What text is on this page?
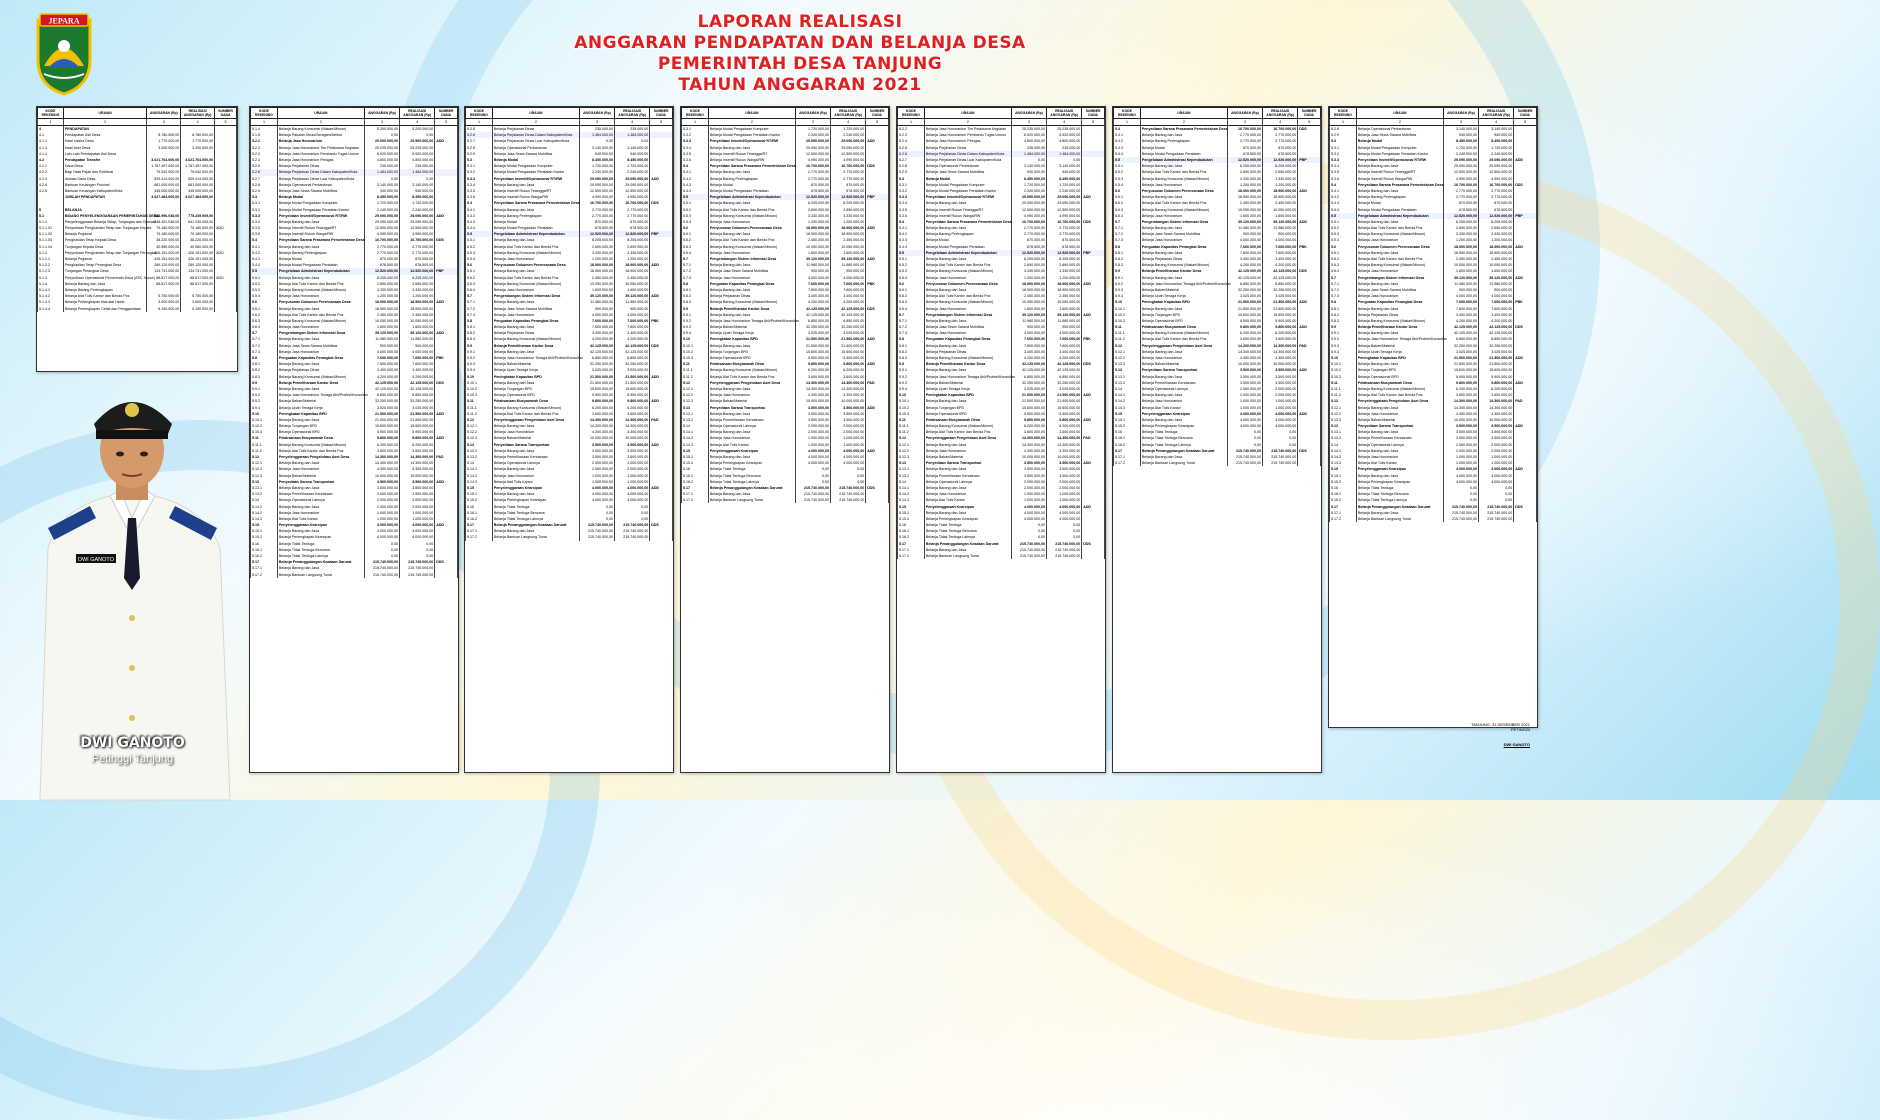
JEPARA	LAPORAN REALISASI
ANGGARAN PENDAPATAN DAN BELANJA DESA
PEMERINTAH DESA TANJUNG
TAHUN ANGGARAN 2021
KODE REKENING	URAIAN	ANGGARAN (Rp)	REALISASI ANGGARAN (Rp)	SUMBER DANA
1	2	3	4	5
4	PENDAPATAN			
4.1	Pendapatan Asli Desa	8.780.000,00	8.780.000,00	
4.1.1	Hasil Usaha Desa	1.770.000,00	1.770.000,00	
4.1.3	Hasil Aset Desa	3.200.000,00	3.200.000,00	
4.1.4	Lain-Lain Pendapatan Asli Desa			
4.2	Pendapatan Transfer	3.621.764.000,00	3.621.764.000,00	
4.2.1	Dana Desa	1.787.497.000,00	1.787.497.000,00	
4.2.2	Bagi Hasil Pajak dan Retribusi	79.042.000,00	79.042.000,00	
4.2.3	Alokasi Dana Desa	529.414.000,00	529.414.000,00	
4.2.4	Bantuan Keuangan Provinsi	881.000.000,00	881.000.000,00	
4.2.5	Bantuan Keuangan Kabupaten/Kota	345.000.000,00	345.000.000,00	
	JUMLAH PENDAPATAN	3.627.484.000,00	3.627.484.000,00	

5	BELANJA			
5.1	BIDANG PENYELENGGARAAN PEMERINTAHAN DESA	888.996.038,00	775.239.009,00	
5.1.1	Penyelenggaraan Belanja Siltap, Tunjangan dan Operasi	848.491.038,00	641.230.000,00	
5.1.1.01	Penyediaan Penghasilan Tetap dan Tunjangan Kepala	79.180.000,00	79.180.000,00	ADD
5.1.1.02	Belanja Pegawai	79.180.000,00	79.180.000,00	
5.1.1.03	Penghasilan Tetap Kepala Desa	38.220.000,00	38.220.000,00	
5.1.1.04	Tunjangan Kepala Desa	40.960.000,00	40.960.000,00	
5.1.2	Penyediaan Penghasilan Tetap dan Tunjangan Perangkat	426.151.000,00	426.151.000,00	ADD
5.1.2.1	Belanja Pegawai	426.151.000,00	426.151.000,00	
5.1.2.2	Penghasilan Tetap Perangkat Desa	289.120.000,00	289.120.000,00	
5.1.2.3	Tunjangan Perangkat Desa	134.731.000,00	134.731.000,00	
5.1.3	Penyediaan Operasional Pemerintah Desa (ATK, Honor)	88.817.000,00	88.817.000,00	ADD
5.1.4	Belanja Barang dan Jasa	88.817.000,00	88.817.000,00	
5.1.4.1	Belanja Barang Perlengkapan			
5.1.4.2	Belanja Alat Tulis Kantor dan Benda Pos	5.750.000,00	5.750.000,00	
5.1.4.3	Belanja Perlengkapan Alat-alat Listrik	3.000.000,00	3.000.000,00	
5.1.4.4	Belanja Perlengkapan Cetak dan Penggandaan	5.190.000,00	5.190.000,00	
KODE REKENING	URAIAN	ANGGARAN (Rp)	REALISASI ANGGARAN (Rp)	SUMBER DANA
1	2	3	4	5
5.1.4	Belanja Barang Konsumsi (Makan/Minum)	5.200.000,00	5.200.000,00	
5.1.5	Belanja Pakaian Dinas/Seragam/Atribut	0,00	0,00	
5.2.1	Belanja Jasa Honorarium	20.900.000,00	20.900.000,00	ADD
5.2.2	Belanja Jasa Honorarium Tim Pelaksana Kegiatan	25.235.000,00	25.235.000,00	
5.2.3	Belanja Jasa Honorarium Pembantu Tugas Umum	6.920.000,00	6.920.000,00	
5.2.4	Belanja Jasa Honorarium Petugas	4.800.000,00	4.800.000,00	
5.2.5	Belanja Perjalanan Dinas	235.000,00	235.000,00	
5.2.6	Belanja Perjalanan Dinas Dalam Kabupaten/Kota	1.484.000,00	1.484.000,00	
5.2.7	Belanja Perjalanan Dinas Luar Kabupaten/Kota	0,00	0,00	
5.2.8	Belanja Operasional Perkantoran	3.140.000,00	3.140.000,00	
5.2.9	Belanja Jasa Sewa Sarana Mobilitas	940.000,00	940.000,00	
5.3	Belanja Modal	8.450.000,00	8.450.000,00	
5.3.1	Belanja Modal Pengadaan Komputer	1.720.000,00	1.720.000,00	
5.3.2	Belanja Modal Pengadaan Peralatan Kantor	2.240.000,00	2.240.000,00	
5.3.3	Penyediaan Insentif/Operasional RT/RW	29.090.000,00	29.090.000,00	ADD
5.3.4	Belanja Barang dan Jasa	29.090.000,00	29.090.000,00	
5.3.5	Belanja Insentif Rukun Tetangga/RT	12.500.000,00	12.500.000,00	
5.3.6	Belanja Insentif Rukun Warga/RW	4.990.000,00	4.990.000,00	
5.4	Penyediaan Sarana Prasarana Pemerintahan Desa	16.700.000,00	16.700.000,00	DDS
5.4.1	Belanja Barang dan Jasa	2.770.000,00	2.770.000,00	
5.4.2	Belanja Barang Perlengkapan	2.770.000,00	2.770.000,00	
5.4.3	Belanja Modal	870.000,00	870.000,00	
5.4.4	Belanja Modal Pengadaan Peralatan	678.500,00	678.500,00	
5.5	Pengelolaan Administrasi Kependudukan	12.520.000,00	12.520.000,00	PBP
5.5.1	Belanja Barang dan Jasa	8.205.000,00	8.205.000,00	
5.5.2	Belanja Alat Tulis Kantor dan Benda Pos	2.690.000,00	2.690.000,00	
5.5.3	Belanja Barang Konsumsi (Makan/Minum)	3.330.000,00	3.330.000,00	
5.5.4	Belanja Jasa Honorarium	1.200.000,00	1.200.000,00	
5.6	Penyusunan Dokumen Perencanaan Desa	18.900.000,00	18.900.000,00	ADD
5.6.1	Belanja Barang dan Jasa	18.900.000,00	18.900.000,00	
5.6.2	Belanja Alat Tulis Kantor dan Benda Pos	2.450.000,00	2.450.000,00	
5.6.3	Belanja Barang Konsumsi (Makan/Minum)	10.050.000,00	10.050.000,00	
5.6.4	Belanja Jasa Honorarium	1.600.000,00	1.600.000,00	
5.7	Pengembangan Sistem Informasi Desa	39.120.000,00	39.120.000,00	ADD
5.7.1	Belanja Barang dan Jasa	11.980.000,00	11.980.000,00	
5.7.2	Belanja Jasa Sewa Sarana Mobilitas	900.000,00	900.000,00	
5.7.3	Belanja Jasa Honorarium	4.000.000,00	4.000.000,00	
5.8	Penguatan Kapasitas Perangkat Desa	7.600.000,00	7.600.000,00	PBK
5.8.1	Belanja Barang dan Jasa	7.600.000,00	7.600.000,00	
5.8.2	Belanja Perjalanan Dinas	3.400.000,00	3.400.000,00	
5.8.3	Belanja Barang Konsumsi (Makan/Minum)	4.200.000,00	4.200.000,00	
5.9	Belanja Pemeliharaan Kantor Desa	42.125.000,00	42.125.000,00	DDS
5.9.1	Belanja Barang dan Jasa	42.125.000,00	42.125.000,00	
5.9.2	Belanja Jasa Honorarium Tenaga Ahli/Profesi/Konsultan	6.850.000,00	6.850.000,00	
5.9.3	Belanja Bahan/Material	32.250.000,00	32.250.000,00	
5.9.4	Belanja Upah Tenaga Kerja	3.025.000,00	3.025.000,00	
5.10	Peningkatan Kapasitas BPD	21.500.000,00	21.500.000,00	ADD
5.10.1	Belanja Barang dan Jasa	21.500.000,00	21.500.000,00	
5.10.2	Belanja Tunjangan BPD	15.600.000,00	15.600.000,00	
5.10.3	Belanja Operasional BPD	5.900.000,00	5.900.000,00	
5.11	Pelaksanaan Musyawarah Desa	9.800.000,00	9.800.000,00	ADD
5.11.1	Belanja Barang Konsumsi (Makan/Minum)	6.200.000,00	6.200.000,00	
5.11.2	Belanja Alat Tulis Kantor dan Benda Pos	3.600.000,00	3.600.000,00	
5.12	Penyelenggaraan Pengelolaan Aset Desa	14.300.000,00	14.300.000,00	PAD
5.12.1	Belanja Barang dan Jasa	14.300.000,00	14.300.000,00	
5.12.2	Belanja Jasa Honorarium	4.300.000,00	4.300.000,00	
5.12.3	Belanja Bahan/Material	10.000.000,00	10.000.000,00	
5.13	Penyediaan Sarana Transportasi	3.500.000,00	3.500.000,00	ADD
5.13.1	Belanja Barang dan Jasa	3.500.000,00	3.500.000,00	
5.13.2	Belanja Pemeliharaan Kendaraan	3.500.000,00	3.500.000,00	
5.14	Belanja Operasional Lainnya	2.000.000,00	2.000.000,00	
5.14.1	Belanja Barang dan Jasa	2.000.000,00	2.000.000,00	
5.14.2	Belanja Jasa Honorarium	1.000.000,00	1.000.000,00	
5.14.3	Belanja Alat Tulis Kantor	1.000.000,00	1.000.000,00	
5.15	Penyelenggaraan Kearsipan	4.000.000,00	4.000.000,00	ADD
5.15.1	Belanja Barang dan Jasa	4.000.000,00	4.000.000,00	
5.15.2	Belanja Perlengkapan Kearsipan	4.000.000,00	4.000.000,00	
5.16	Belanja Tidak Terduga	0,00	0,00	
5.16.1	Belanja Tidak Terduga Bencana	0,00	0,00	
5.16.2	Belanja Tidak Terduga Lainnya	0,00	0,00	
5.17	Belanja Penanggulangan Keadaan Darurat	215.740.000,00	215.740.000,00	DDS
5.17.1	Belanja Barang dan Jasa	215.740.000,00	215.740.000,00	
5.17.2	Belanja Bantuan Langsung Tunai	215.740.000,00	215.740.000,00	
KODE REKENING	URAIAN	ANGGARAN (Rp)	REALISASI ANGGARAN (Rp)	SUMBER DANA
1	2	3	4	5
5.2.5	Belanja Perjalanan Dinas	235.000,00	235.000,00	
5.2.6	Belanja Perjalanan Dinas Dalam Kabupaten/Kota	1.484.000,00	1.484.000,00	
5.2.7	Belanja Perjalanan Dinas Luar Kabupaten/Kota	0,00	0,00	
5.2.8	Belanja Operasional Perkantoran	3.140.000,00	3.140.000,00	
5.2.9	Belanja Jasa Sewa Sarana Mobilitas	940.000,00	940.000,00	
5.3	Belanja Modal	8.450.000,00	8.450.000,00	
5.3.1	Belanja Modal Pengadaan Komputer	1.720.000,00	1.720.000,00	
5.3.2	Belanja Modal Pengadaan Peralatan Kantor	2.240.000,00	2.240.000,00	
5.3.3	Penyediaan Insentif/Operasional RT/RW	29.090.000,00	29.090.000,00	ADD
5.3.4	Belanja Barang dan Jasa	29.090.000,00	29.090.000,00	
5.3.5	Belanja Insentif Rukun Tetangga/RT	12.500.000,00	12.500.000,00	
5.3.6	Belanja Insentif Rukun Warga/RW	4.990.000,00	4.990.000,00	
5.4	Penyediaan Sarana Prasarana Pemerintahan Desa	16.700.000,00	16.700.000,00	DDS
5.4.1	Belanja Barang dan Jasa	2.770.000,00	2.770.000,00	
5.4.2	Belanja Barang Perlengkapan	2.770.000,00	2.770.000,00	
5.4.3	Belanja Modal	870.000,00	870.000,00	
5.4.4	Belanja Modal Pengadaan Peralatan	678.500,00	678.500,00	
5.5	Pengelolaan Administrasi Kependudukan	12.520.000,00	12.520.000,00	PBP
5.5.1	Belanja Barang dan Jasa	8.205.000,00	8.205.000,00	
5.5.2	Belanja Alat Tulis Kantor dan Benda Pos	2.690.000,00	2.690.000,00	
5.5.3	Belanja Barang Konsumsi (Makan/Minum)	3.330.000,00	3.330.000,00	
5.5.4	Belanja Jasa Honorarium	1.200.000,00	1.200.000,00	
5.6	Penyusunan Dokumen Perencanaan Desa	18.900.000,00	18.900.000,00	ADD
5.6.1	Belanja Barang dan Jasa	18.900.000,00	18.900.000,00	
5.6.2	Belanja Alat Tulis Kantor dan Benda Pos	2.450.000,00	2.450.000,00	
5.6.3	Belanja Barang Konsumsi (Makan/Minum)	10.050.000,00	10.050.000,00	
5.6.4	Belanja Jasa Honorarium	1.600.000,00	1.600.000,00	
5.7	Pengembangan Sistem Informasi Desa	39.120.000,00	39.120.000,00	ADD
5.7.1	Belanja Barang dan Jasa	11.980.000,00	11.980.000,00	
5.7.2	Belanja Jasa Sewa Sarana Mobilitas	900.000,00	900.000,00	
5.7.3	Belanja Jasa Honorarium	4.000.000,00	4.000.000,00	
5.8	Penguatan Kapasitas Perangkat Desa	7.600.000,00	7.600.000,00	PBK
5.8.1	Belanja Barang dan Jasa	7.600.000,00	7.600.000,00	
5.8.2	Belanja Perjalanan Dinas	3.400.000,00	3.400.000,00	
5.8.3	Belanja Barang Konsumsi (Makan/Minum)	4.200.000,00	4.200.000,00	
5.9	Belanja Pemeliharaan Kantor Desa	42.125.000,00	42.125.000,00	DDS
5.9.1	Belanja Barang dan Jasa	42.125.000,00	42.125.000,00	
5.9.2	Belanja Jasa Honorarium Tenaga Ahli/Profesi/Konsultan	6.850.000,00	6.850.000,00	
5.9.3	Belanja Bahan/Material	32.250.000,00	32.250.000,00	
5.9.4	Belanja Upah Tenaga Kerja	3.025.000,00	3.025.000,00	
5.10	Peningkatan Kapasitas BPD	21.500.000,00	21.500.000,00	ADD
5.10.1	Belanja Barang dan Jasa	21.500.000,00	21.500.000,00	
5.10.2	Belanja Tunjangan BPD	15.600.000,00	15.600.000,00	
5.10.3	Belanja Operasional BPD	5.900.000,00	5.900.000,00	
5.11	Pelaksanaan Musyawarah Desa	9.800.000,00	9.800.000,00	ADD
5.11.1	Belanja Barang Konsumsi (Makan/Minum)	6.200.000,00	6.200.000,00	
5.11.2	Belanja Alat Tulis Kantor dan Benda Pos	3.600.000,00	3.600.000,00	
5.12	Penyelenggaraan Pengelolaan Aset Desa	14.300.000,00	14.300.000,00	PAD
5.12.1	Belanja Barang dan Jasa	14.300.000,00	14.300.000,00	
5.12.2	Belanja Jasa Honorarium	4.300.000,00	4.300.000,00	
5.12.3	Belanja Bahan/Material	10.000.000,00	10.000.000,00	
5.13	Penyediaan Sarana Transportasi	3.500.000,00	3.500.000,00	ADD
5.13.1	Belanja Barang dan Jasa	3.500.000,00	3.500.000,00	
5.13.2	Belanja Pemeliharaan Kendaraan	3.500.000,00	3.500.000,00	
5.14	Belanja Operasional Lainnya	2.000.000,00	2.000.000,00	
5.14.1	Belanja Barang dan Jasa	2.000.000,00	2.000.000,00	
5.14.2	Belanja Jasa Honorarium	1.000.000,00	1.000.000,00	
5.14.3	Belanja Alat Tulis Kantor	1.000.000,00	1.000.000,00	
5.15	Penyelenggaraan Kearsipan	4.000.000,00	4.000.000,00	ADD
5.15.1	Belanja Barang dan Jasa	4.000.000,00	4.000.000,00	
5.15.2	Belanja Perlengkapan Kearsipan	4.000.000,00	4.000.000,00	
5.16	Belanja Tidak Terduga	0,00	0,00	
5.16.1	Belanja Tidak Terduga Bencana	0,00	0,00	
5.16.2	Belanja Tidak Terduga Lainnya	0,00	0,00	
5.17	Belanja Penanggulangan Keadaan Darurat	215.740.000,00	215.740.000,00	DDS
5.17.1	Belanja Barang dan Jasa	215.740.000,00	215.740.000,00	
5.17.2	Belanja Bantuan Langsung Tunai	215.740.000,00	215.740.000,00	
KODE REKENING	URAIAN	ANGGARAN (Rp)	REALISASI ANGGARAN (Rp)	SUMBER DANA
1	2	3	4	5
5.3.1	Belanja Modal Pengadaan Komputer	1.720.000,00	1.720.000,00	
5.3.2	Belanja Modal Pengadaan Peralatan Kantor	2.240.000,00	2.240.000,00	
5.3.3	Penyediaan Insentif/Operasional RT/RW	29.090.000,00	29.090.000,00	ADD
5.3.4	Belanja Barang dan Jasa	29.090.000,00	29.090.000,00	
5.3.5	Belanja Insentif Rukun Tetangga/RT	12.500.000,00	12.500.000,00	
5.3.6	Belanja Insentif Rukun Warga/RW	4.990.000,00	4.990.000,00	
5.4	Penyediaan Sarana Prasarana Pemerintahan Desa	16.700.000,00	16.700.000,00	DDS
5.4.1	Belanja Barang dan Jasa	2.770.000,00	2.770.000,00	
5.4.2	Belanja Barang Perlengkapan	2.770.000,00	2.770.000,00	
5.4.3	Belanja Modal	870.000,00	870.000,00	
5.4.4	Belanja Modal Pengadaan Peralatan	678.500,00	678.500,00	
5.5	Pengelolaan Administrasi Kependudukan	12.520.000,00	12.520.000,00	PBP
5.5.1	Belanja Barang dan Jasa	8.205.000,00	8.205.000,00	
5.5.2	Belanja Alat Tulis Kantor dan Benda Pos	2.690.000,00	2.690.000,00	
5.5.3	Belanja Barang Konsumsi (Makan/Minum)	3.330.000,00	3.330.000,00	
5.5.4	Belanja Jasa Honorarium	1.200.000,00	1.200.000,00	
5.6	Penyusunan Dokumen Perencanaan Desa	18.900.000,00	18.900.000,00	ADD
5.6.1	Belanja Barang dan Jasa	18.900.000,00	18.900.000,00	
5.6.2	Belanja Alat Tulis Kantor dan Benda Pos	2.450.000,00	2.450.000,00	
5.6.3	Belanja Barang Konsumsi (Makan/Minum)	10.050.000,00	10.050.000,00	
5.6.4	Belanja Jasa Honorarium	1.600.000,00	1.600.000,00	
5.7	Pengembangan Sistem Informasi Desa	39.120.000,00	39.120.000,00	ADD
5.7.1	Belanja Barang dan Jasa	11.980.000,00	11.980.000,00	
5.7.2	Belanja Jasa Sewa Sarana Mobilitas	900.000,00	900.000,00	
5.7.3	Belanja Jasa Honorarium	4.000.000,00	4.000.000,00	
5.8	Penguatan Kapasitas Perangkat Desa	7.600.000,00	7.600.000,00	PBK
5.8.1	Belanja Barang dan Jasa	7.600.000,00	7.600.000,00	
5.8.2	Belanja Perjalanan Dinas	3.400.000,00	3.400.000,00	
5.8.3	Belanja Barang Konsumsi (Makan/Minum)	4.200.000,00	4.200.000,00	
5.9	Belanja Pemeliharaan Kantor Desa	42.125.000,00	42.125.000,00	DDS
5.9.1	Belanja Barang dan Jasa	42.125.000,00	42.125.000,00	
5.9.2	Belanja Jasa Honorarium Tenaga Ahli/Profesi/Konsultan	6.850.000,00	6.850.000,00	
5.9.3	Belanja Bahan/Material	32.250.000,00	32.250.000,00	
5.9.4	Belanja Upah Tenaga Kerja	3.025.000,00	3.025.000,00	
5.10	Peningkatan Kapasitas BPD	21.500.000,00	21.500.000,00	ADD
5.10.1	Belanja Barang dan Jasa	21.500.000,00	21.500.000,00	
5.10.2	Belanja Tunjangan BPD	15.600.000,00	15.600.000,00	
5.10.3	Belanja Operasional BPD	5.900.000,00	5.900.000,00	
5.11	Pelaksanaan Musyawarah Desa	9.800.000,00	9.800.000,00	ADD
5.11.1	Belanja Barang Konsumsi (Makan/Minum)	6.200.000,00	6.200.000,00	
5.11.2	Belanja Alat Tulis Kantor dan Benda Pos	3.600.000,00	3.600.000,00	
5.12	Penyelenggaraan Pengelolaan Aset Desa	14.300.000,00	14.300.000,00	PAD
5.12.1	Belanja Barang dan Jasa	14.300.000,00	14.300.000,00	
5.12.2	Belanja Jasa Honorarium	4.300.000,00	4.300.000,00	
5.12.3	Belanja Bahan/Material	10.000.000,00	10.000.000,00	
5.13	Penyediaan Sarana Transportasi	3.500.000,00	3.500.000,00	ADD
5.13.1	Belanja Barang dan Jasa	3.500.000,00	3.500.000,00	
5.13.2	Belanja Pemeliharaan Kendaraan	3.500.000,00	3.500.000,00	
5.14	Belanja Operasional Lainnya	2.000.000,00	2.000.000,00	
5.14.1	Belanja Barang dan Jasa	2.000.000,00	2.000.000,00	
5.14.2	Belanja Jasa Honorarium	1.000.000,00	1.000.000,00	
5.14.3	Belanja Alat Tulis Kantor	1.000.000,00	1.000.000,00	
5.15	Penyelenggaraan Kearsipan	4.000.000,00	4.000.000,00	ADD
5.15.1	Belanja Barang dan Jasa	4.000.000,00	4.000.000,00	
5.15.2	Belanja Perlengkapan Kearsipan	4.000.000,00	4.000.000,00	
5.16	Belanja Tidak Terduga	0,00	0,00	
5.16.1	Belanja Tidak Terduga Bencana	0,00	0,00	
5.16.2	Belanja Tidak Terduga Lainnya	0,00	0,00	
5.17	Belanja Penanggulangan Keadaan Darurat	215.740.000,00	215.740.000,00	DDS
5.17.1	Belanja Barang dan Jasa	215.740.000,00	215.740.000,00	
5.17.2	Belanja Bantuan Langsung Tunai	215.740.000,00	215.740.000,00	
KODE REKENING	URAIAN	ANGGARAN (Rp)	REALISASI ANGGARAN (Rp)	SUMBER DANA
1	2	3	4	5
5.2.2	Belanja Jasa Honorarium Tim Pelaksana Kegiatan	25.235.000,00	25.235.000,00	
5.2.3	Belanja Jasa Honorarium Pembantu Tugas Umum	6.920.000,00	6.920.000,00	
5.2.4	Belanja Jasa Honorarium Petugas	4.800.000,00	4.800.000,00	
5.2.5	Belanja Perjalanan Dinas	235.000,00	235.000,00	
5.2.6	Belanja Perjalanan Dinas Dalam Kabupaten/Kota	1.484.000,00	1.484.000,00	
5.2.7	Belanja Perjalanan Dinas Luar Kabupaten/Kota	0,00	0,00	
5.2.8	Belanja Operasional Perkantoran	3.140.000,00	3.140.000,00	
5.2.9	Belanja Jasa Sewa Sarana Mobilitas	940.000,00	940.000,00	
5.3	Belanja Modal	8.450.000,00	8.450.000,00	
5.3.1	Belanja Modal Pengadaan Komputer	1.720.000,00	1.720.000,00	
5.3.2	Belanja Modal Pengadaan Peralatan Kantor	2.240.000,00	2.240.000,00	
5.3.3	Penyediaan Insentif/Operasional RT/RW	29.090.000,00	29.090.000,00	ADD
5.3.4	Belanja Barang dan Jasa	29.090.000,00	29.090.000,00	
5.3.5	Belanja Insentif Rukun Tetangga/RT	12.500.000,00	12.500.000,00	
5.3.6	Belanja Insentif Rukun Warga/RW	4.990.000,00	4.990.000,00	
5.4	Penyediaan Sarana Prasarana Pemerintahan Desa	16.700.000,00	16.700.000,00	DDS
5.4.1	Belanja Barang dan Jasa	2.770.000,00	2.770.000,00	
5.4.2	Belanja Barang Perlengkapan	2.770.000,00	2.770.000,00	
5.4.3	Belanja Modal	870.000,00	870.000,00	
5.4.4	Belanja Modal Pengadaan Peralatan	678.500,00	678.500,00	
5.5	Pengelolaan Administrasi Kependudukan	12.520.000,00	12.520.000,00	PBP
5.5.1	Belanja Barang dan Jasa	8.205.000,00	8.205.000,00	
5.5.2	Belanja Alat Tulis Kantor dan Benda Pos	2.690.000,00	2.690.000,00	
5.5.3	Belanja Barang Konsumsi (Makan/Minum)	3.330.000,00	3.330.000,00	
5.5.4	Belanja Jasa Honorarium	1.200.000,00	1.200.000,00	
5.6	Penyusunan Dokumen Perencanaan Desa	18.900.000,00	18.900.000,00	ADD
5.6.1	Belanja Barang dan Jasa	18.900.000,00	18.900.000,00	
5.6.2	Belanja Alat Tulis Kantor dan Benda Pos	2.450.000,00	2.450.000,00	
5.6.3	Belanja Barang Konsumsi (Makan/Minum)	10.050.000,00	10.050.000,00	
5.6.4	Belanja Jasa Honorarium	1.600.000,00	1.600.000,00	
5.7	Pengembangan Sistem Informasi Desa	39.120.000,00	39.120.000,00	ADD
5.7.1	Belanja Barang dan Jasa	11.980.000,00	11.980.000,00	
5.7.2	Belanja Jasa Sewa Sarana Mobilitas	900.000,00	900.000,00	
5.7.3	Belanja Jasa Honorarium	4.000.000,00	4.000.000,00	
5.8	Penguatan Kapasitas Perangkat Desa	7.600.000,00	7.600.000,00	PBK
5.8.1	Belanja Barang dan Jasa	7.600.000,00	7.600.000,00	
5.8.2	Belanja Perjalanan Dinas	3.400.000,00	3.400.000,00	
5.8.3	Belanja Barang Konsumsi (Makan/Minum)	4.200.000,00	4.200.000,00	
5.9	Belanja Pemeliharaan Kantor Desa	42.125.000,00	42.125.000,00	DDS
5.9.1	Belanja Barang dan Jasa	42.125.000,00	42.125.000,00	
5.9.2	Belanja Jasa Honorarium Tenaga Ahli/Profesi/Konsultan	6.850.000,00	6.850.000,00	
5.9.3	Belanja Bahan/Material	32.250.000,00	32.250.000,00	
5.9.4	Belanja Upah Tenaga Kerja	3.025.000,00	3.025.000,00	
5.10	Peningkatan Kapasitas BPD	21.500.000,00	21.500.000,00	ADD
5.10.1	Belanja Barang dan Jasa	21.500.000,00	21.500.000,00	
5.10.2	Belanja Tunjangan BPD	15.600.000,00	15.600.000,00	
5.10.3	Belanja Operasional BPD	5.900.000,00	5.900.000,00	
5.11	Pelaksanaan Musyawarah Desa	9.800.000,00	9.800.000,00	ADD
5.11.1	Belanja Barang Konsumsi (Makan/Minum)	6.200.000,00	6.200.000,00	
5.11.2	Belanja Alat Tulis Kantor dan Benda Pos	3.600.000,00	3.600.000,00	
5.12	Penyelenggaraan Pengelolaan Aset Desa	14.300.000,00	14.300.000,00	PAD
5.12.1	Belanja Barang dan Jasa	14.300.000,00	14.300.000,00	
5.12.2	Belanja Jasa Honorarium	4.300.000,00	4.300.000,00	
5.12.3	Belanja Bahan/Material	10.000.000,00	10.000.000,00	
5.13	Penyediaan Sarana Transportasi	3.500.000,00	3.500.000,00	ADD
5.13.1	Belanja Barang dan Jasa	3.500.000,00	3.500.000,00	
5.13.2	Belanja Pemeliharaan Kendaraan	3.500.000,00	3.500.000,00	
5.14	Belanja Operasional Lainnya	2.000.000,00	2.000.000,00	
5.14.1	Belanja Barang dan Jasa	2.000.000,00	2.000.000,00	
5.14.2	Belanja Jasa Honorarium	1.000.000,00	1.000.000,00	
5.14.3	Belanja Alat Tulis Kantor	1.000.000,00	1.000.000,00	
5.15	Penyelenggaraan Kearsipan	4.000.000,00	4.000.000,00	ADD
5.15.1	Belanja Barang dan Jasa	4.000.000,00	4.000.000,00	
5.15.2	Belanja Perlengkapan Kearsipan	4.000.000,00	4.000.000,00	
5.16	Belanja Tidak Terduga	0,00	0,00	
5.16.1	Belanja Tidak Terduga Bencana	0,00	0,00	
5.16.2	Belanja Tidak Terduga Lainnya	0,00	0,00	
5.17	Belanja Penanggulangan Keadaan Darurat	215.740.000,00	215.740.000,00	DDS
5.17.1	Belanja Barang dan Jasa	215.740.000,00	215.740.000,00	
5.17.2	Belanja Bantuan Langsung Tunai	215.740.000,00	215.740.000,00	
KODE REKENING	URAIAN	ANGGARAN (Rp)	REALISASI ANGGARAN (Rp)	SUMBER DANA
1	2	3	4	5
5.4	Penyediaan Sarana Prasarana Pemerintahan Desa	16.700.000,00	16.700.000,00	DDS
5.4.1	Belanja Barang dan Jasa	2.770.000,00	2.770.000,00	
5.4.2	Belanja Barang Perlengkapan	2.770.000,00	2.770.000,00	
5.4.3	Belanja Modal	870.000,00	870.000,00	
5.4.4	Belanja Modal Pengadaan Peralatan	678.500,00	678.500,00	
5.5	Pengelolaan Administrasi Kependudukan	12.520.000,00	12.520.000,00	PBP
5.5.1	Belanja Barang dan Jasa	8.205.000,00	8.205.000,00	
5.5.2	Belanja Alat Tulis Kantor dan Benda Pos	2.690.000,00	2.690.000,00	
5.5.3	Belanja Barang Konsumsi (Makan/Minum)	3.330.000,00	3.330.000,00	
5.5.4	Belanja Jasa Honorarium	1.200.000,00	1.200.000,00	
5.6	Penyusunan Dokumen Perencanaan Desa	18.900.000,00	18.900.000,00	ADD
5.6.1	Belanja Barang dan Jasa	18.900.000,00	18.900.000,00	
5.6.2	Belanja Alat Tulis Kantor dan Benda Pos	2.450.000,00	2.450.000,00	
5.6.3	Belanja Barang Konsumsi (Makan/Minum)	10.050.000,00	10.050.000,00	
5.6.4	Belanja Jasa Honorarium	1.600.000,00	1.600.000,00	
5.7	Pengembangan Sistem Informasi Desa	39.120.000,00	39.120.000,00	ADD
5.7.1	Belanja Barang dan Jasa	11.980.000,00	11.980.000,00	
5.7.2	Belanja Jasa Sewa Sarana Mobilitas	900.000,00	900.000,00	
5.7.3	Belanja Jasa Honorarium	4.000.000,00	4.000.000,00	
5.8	Penguatan Kapasitas Perangkat Desa	7.600.000,00	7.600.000,00	PBK
5.8.1	Belanja Barang dan Jasa	7.600.000,00	7.600.000,00	
5.8.2	Belanja Perjalanan Dinas	3.400.000,00	3.400.000,00	
5.8.3	Belanja Barang Konsumsi (Makan/Minum)	4.200.000,00	4.200.000,00	
5.9	Belanja Pemeliharaan Kantor Desa	42.125.000,00	42.125.000,00	DDS
5.9.1	Belanja Barang dan Jasa	42.125.000,00	42.125.000,00	
5.9.2	Belanja Jasa Honorarium Tenaga Ahli/Profesi/Konsultan	6.850.000,00	6.850.000,00	
5.9.3	Belanja Bahan/Material	32.250.000,00	32.250.000,00	
5.9.4	Belanja Upah Tenaga Kerja	3.025.000,00	3.025.000,00	
5.10	Peningkatan Kapasitas BPD	21.500.000,00	21.500.000,00	ADD
5.10.1	Belanja Barang dan Jasa	21.500.000,00	21.500.000,00	
5.10.2	Belanja Tunjangan BPD	15.600.000,00	15.600.000,00	
5.10.3	Belanja Operasional BPD	5.900.000,00	5.900.000,00	
5.11	Pelaksanaan Musyawarah Desa	9.800.000,00	9.800.000,00	ADD
5.11.1	Belanja Barang Konsumsi (Makan/Minum)	6.200.000,00	6.200.000,00	
5.11.2	Belanja Alat Tulis Kantor dan Benda Pos	3.600.000,00	3.600.000,00	
5.12	Penyelenggaraan Pengelolaan Aset Desa	14.300.000,00	14.300.000,00	PAD
5.12.1	Belanja Barang dan Jasa	14.300.000,00	14.300.000,00	
5.12.2	Belanja Jasa Honorarium	4.300.000,00	4.300.000,00	
5.12.3	Belanja Bahan/Material	10.000.000,00	10.000.000,00	
5.13	Penyediaan Sarana Transportasi	3.500.000,00	3.500.000,00	ADD
5.13.1	Belanja Barang dan Jasa	3.500.000,00	3.500.000,00	
5.13.2	Belanja Pemeliharaan Kendaraan	3.500.000,00	3.500.000,00	
5.14	Belanja Operasional Lainnya	2.000.000,00	2.000.000,00	
5.14.1	Belanja Barang dan Jasa	2.000.000,00	2.000.000,00	
5.14.2	Belanja Jasa Honorarium	1.000.000,00	1.000.000,00	
5.14.3	Belanja Alat Tulis Kantor	1.000.000,00	1.000.000,00	
5.15	Penyelenggaraan Kearsipan	4.000.000,00	4.000.000,00	ADD
5.15.1	Belanja Barang dan Jasa	4.000.000,00	4.000.000,00	
5.15.2	Belanja Perlengkapan Kearsipan	4.000.000,00	4.000.000,00	
5.16	Belanja Tidak Terduga	0,00	0,00	
5.16.1	Belanja Tidak Terduga Bencana	0,00	0,00	
5.16.2	Belanja Tidak Terduga Lainnya	0,00	0,00	
5.17	Belanja Penanggulangan Keadaan Darurat	215.740.000,00	215.740.000,00	DDS
5.17.1	Belanja Barang dan Jasa	215.740.000,00	215.740.000,00	
5.17.2	Belanja Bantuan Langsung Tunai	215.740.000,00	215.740.000,00	
KODE REKENING	URAIAN	ANGGARAN (Rp)	REALISASI ANGGARAN (Rp)	SUMBER DANA
1	2	3	4	5
5.2.8	Belanja Operasional Perkantoran	3.140.000,00	3.140.000,00	
5.2.9	Belanja Jasa Sewa Sarana Mobilitas	940.000,00	940.000,00	
5.3	Belanja Modal	8.450.000,00	8.450.000,00	
5.3.1	Belanja Modal Pengadaan Komputer	1.720.000,00	1.720.000,00	
5.3.2	Belanja Modal Pengadaan Peralatan Kantor	2.240.000,00	2.240.000,00	
5.3.3	Penyediaan Insentif/Operasional RT/RW	29.090.000,00	29.090.000,00	ADD
5.3.4	Belanja Barang dan Jasa	29.090.000,00	29.090.000,00	
5.3.5	Belanja Insentif Rukun Tetangga/RT	12.500.000,00	12.500.000,00	
5.3.6	Belanja Insentif Rukun Warga/RW	4.990.000,00	4.990.000,00	
5.4	Penyediaan Sarana Prasarana Pemerintahan Desa	16.700.000,00	16.700.000,00	DDS
5.4.1	Belanja Barang dan Jasa	2.770.000,00	2.770.000,00	
5.4.2	Belanja Barang Perlengkapan	2.770.000,00	2.770.000,00	
5.4.3	Belanja Modal	870.000,00	870.000,00	
5.4.4	Belanja Modal Pengadaan Peralatan	678.500,00	678.500,00	
5.5	Pengelolaan Administrasi Kependudukan	12.520.000,00	12.520.000,00	PBP
5.5.1	Belanja Barang dan Jasa	8.205.000,00	8.205.000,00	
5.5.2	Belanja Alat Tulis Kantor dan Benda Pos	2.690.000,00	2.690.000,00	
5.5.3	Belanja Barang Konsumsi (Makan/Minum)	3.330.000,00	3.330.000,00	
5.5.4	Belanja Jasa Honorarium	1.200.000,00	1.200.000,00	
5.6	Penyusunan Dokumen Perencanaan Desa	18.900.000,00	18.900.000,00	ADD
5.6.1	Belanja Barang dan Jasa	18.900.000,00	18.900.000,00	
5.6.2	Belanja Alat Tulis Kantor dan Benda Pos	2.450.000,00	2.450.000,00	
5.6.3	Belanja Barang Konsumsi (Makan/Minum)	10.050.000,00	10.050.000,00	
5.6.4	Belanja Jasa Honorarium	1.600.000,00	1.600.000,00	
5.7	Pengembangan Sistem Informasi Desa	39.120.000,00	39.120.000,00	ADD
5.7.1	Belanja Barang dan Jasa	11.980.000,00	11.980.000,00	
5.7.2	Belanja Jasa Sewa Sarana Mobilitas	900.000,00	900.000,00	
5.7.3	Belanja Jasa Honorarium	4.000.000,00	4.000.000,00	
5.8	Penguatan Kapasitas Perangkat Desa	7.600.000,00	7.600.000,00	PBK
5.8.1	Belanja Barang dan Jasa	7.600.000,00	7.600.000,00	
5.8.2	Belanja Perjalanan Dinas	3.400.000,00	3.400.000,00	
5.8.3	Belanja Barang Konsumsi (Makan/Minum)	4.200.000,00	4.200.000,00	
5.9	Belanja Pemeliharaan Kantor Desa	42.125.000,00	42.125.000,00	DDS
5.9.1	Belanja Barang dan Jasa	42.125.000,00	42.125.000,00	
5.9.2	Belanja Jasa Honorarium Tenaga Ahli/Profesi/Konsultan	6.850.000,00	6.850.000,00	
5.9.3	Belanja Bahan/Material	32.250.000,00	32.250.000,00	
5.9.4	Belanja Upah Tenaga Kerja	3.025.000,00	3.025.000,00	
5.10	Peningkatan Kapasitas BPD	21.500.000,00	21.500.000,00	ADD
5.10.1	Belanja Barang dan Jasa	21.500.000,00	21.500.000,00	
5.10.2	Belanja Tunjangan BPD	15.600.000,00	15.600.000,00	
5.10.3	Belanja Operasional BPD	5.900.000,00	5.900.000,00	
5.11	Pelaksanaan Musyawarah Desa	9.800.000,00	9.800.000,00	ADD
5.11.1	Belanja Barang Konsumsi (Makan/Minum)	6.200.000,00	6.200.000,00	
5.11.2	Belanja Alat Tulis Kantor dan Benda Pos	3.600.000,00	3.600.000,00	
5.12	Penyelenggaraan Pengelolaan Aset Desa	14.300.000,00	14.300.000,00	PAD
5.12.1	Belanja Barang dan Jasa	14.300.000,00	14.300.000,00	
5.12.2	Belanja Jasa Honorarium	4.300.000,00	4.300.000,00	
5.12.3	Belanja Bahan/Material	10.000.000,00	10.000.000,00	
5.13	Penyediaan Sarana Transportasi	3.500.000,00	3.500.000,00	ADD
5.13.1	Belanja Barang dan Jasa	3.500.000,00	3.500.000,00	
5.13.2	Belanja Pemeliharaan Kendaraan	3.500.000,00	3.500.000,00	
5.14	Belanja Operasional Lainnya	2.000.000,00	2.000.000,00	
5.14.1	Belanja Barang dan Jasa	2.000.000,00	2.000.000,00	
5.14.2	Belanja Jasa Honorarium	1.000.000,00	1.000.000,00	
5.14.3	Belanja Alat Tulis Kantor	1.000.000,00	1.000.000,00	
5.15	Penyelenggaraan Kearsipan	4.000.000,00	4.000.000,00	ADD
5.15.1	Belanja Barang dan Jasa	4.000.000,00	4.000.000,00	
5.15.2	Belanja Perlengkapan Kearsipan	4.000.000,00	4.000.000,00	
5.16	Belanja Tidak Terduga	0,00	0,00	
5.16.1	Belanja Tidak Terduga Bencana	0,00	0,00	
5.16.2	Belanja Tidak Terduga Lainnya	0,00	0,00	
5.17	Belanja Penanggulangan Keadaan Darurat	215.740.000,00	215.740.000,00	DDS
5.17.1	Belanja Barang dan Jasa	215.740.000,00	215.740.000,00	
5.17.2	Belanja Bantuan Langsung Tunai	215.740.000,00	215.740.000,00	
DWI GANOTO
DWI GANOTO
Petinggi Tanjung
TANJUNG, 31 DESEMBER 2021
PETINGGI
DWI GANOTO
